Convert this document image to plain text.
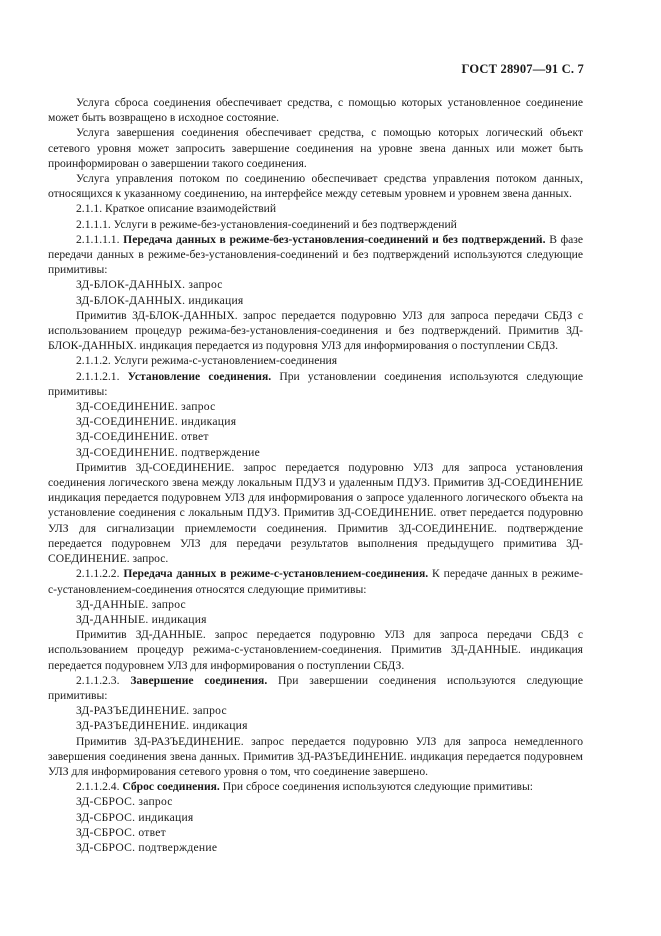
ГОСТ 28907—91 С. 7

Услуга сброса соединения обеспечивает средства, с помощью которых установленное соединение может быть возвращено в исходное состояние.

Услуга завершения соединения обеспечивает средства, с помощью которых логический объект сетевого уровня может запросить завершение соединения на уровне звена данных или может быть проинформирован о завершении такого соединения.

Услуга управления потоком по соединению обеспечивает средства управления потоком данных, относящихся к указанному соединению, на интерфейсе между сетевым уровнем и уровнем звена данных.

2.1.1. Краткое описание взаимодействий

2.1.1.1. Услуги в режиме-без-установления-соединений и без подтверждений

2.1.1.1.1. Передача данных в режиме-без-установления-соединений и без подтверждений. В фазе передачи данных в режиме-без-установления-соединений и без подтверждений используются следующие примитивы:

ЗД-БЛОК-ДАННЫХ. запрос

ЗД-БЛОК-ДАННЫХ. индикация

Примитив ЗД-БЛОК-ДАННЫХ. запрос передается подуровню УЛЗ для запроса передачи СБДЗ с использованием процедур режима-без-установления-соединения и без подтверждений. Примитив ЗД-БЛОК-ДАННЫХ. индикация передается из подуровня УЛЗ для информирования о поступлении СБДЗ.

2.1.1.2. Услуги режима-с-установлением-соединения

2.1.1.2.1. Установление соединения. При установлении соединения используются следующие примитивы:

ЗД-СОЕДИНЕНИЕ. запрос

ЗД-СОЕДИНЕНИЕ. индикация

ЗД-СОЕДИНЕНИЕ. ответ

ЗД-СОЕДИНЕНИЕ. подтверждение

Примитив ЗД-СОЕДИНЕНИЕ. запрос передается подуровню УЛЗ для запроса установления соединения логического звена между локальным ПДУЗ и удаленным ПДУЗ. Примитив ЗД-СОЕДИНЕНИЕ индикация передается подуровнем УЛЗ для информирования о запросе удаленного логического объекта на установление соединения с локальным ПДУЗ. Примитив ЗД-СОЕДИНЕНИЕ. ответ передается подуровню УЛЗ для сигнализации приемлемости соединения. Примитив ЗД-СОЕДИНЕНИЕ. подтверждение передается подуровнем УЛЗ для передачи результатов выполнения предыдущего примитива ЗД-СОЕДИНЕНИЕ. запрос.

2.1.1.2.2. Передача данных в режиме-с-установлением-соединения. К передаче данных в режиме-с-установлением-соединения относятся следующие примитивы:

ЗД-ДАННЫЕ. запрос

ЗД-ДАННЫЕ. индикация

Примитив ЗД-ДАННЫЕ. запрос передается подуровню УЛЗ для запроса передачи СБДЗ с использованием процедур режима-с-установлением-соединения. Примитив ЗД-ДАННЫЕ. индикация передается подуровнем УЛЗ для информирования о поступлении СБДЗ.

2.1.1.2.3. Завершение соединения. При завершении соединения используются следующие примитивы:

ЗД-РАЗЪЕДИНЕНИЕ. запрос

ЗД-РАЗЪЕДИНЕНИЕ. индикация

Примитив ЗД-РАЗЪЕДИНЕНИЕ. запрос передается подуровню УЛЗ для запроса немедленного завершения соединения звена данных. Примитив ЗД-РАЗЪЕДИНЕНИЕ. индикация передается подуровнем УЛЗ для информирования сетевого уровня о том, что соединение завершено.

2.1.1.2.4. Сброс соединения. При сбросе соединения используются следующие примитивы:

ЗД-СБРОС. запрос

ЗД-СБРОС. индикация

ЗД-СБРОС. ответ

ЗД-СБРОС. подтверждение
